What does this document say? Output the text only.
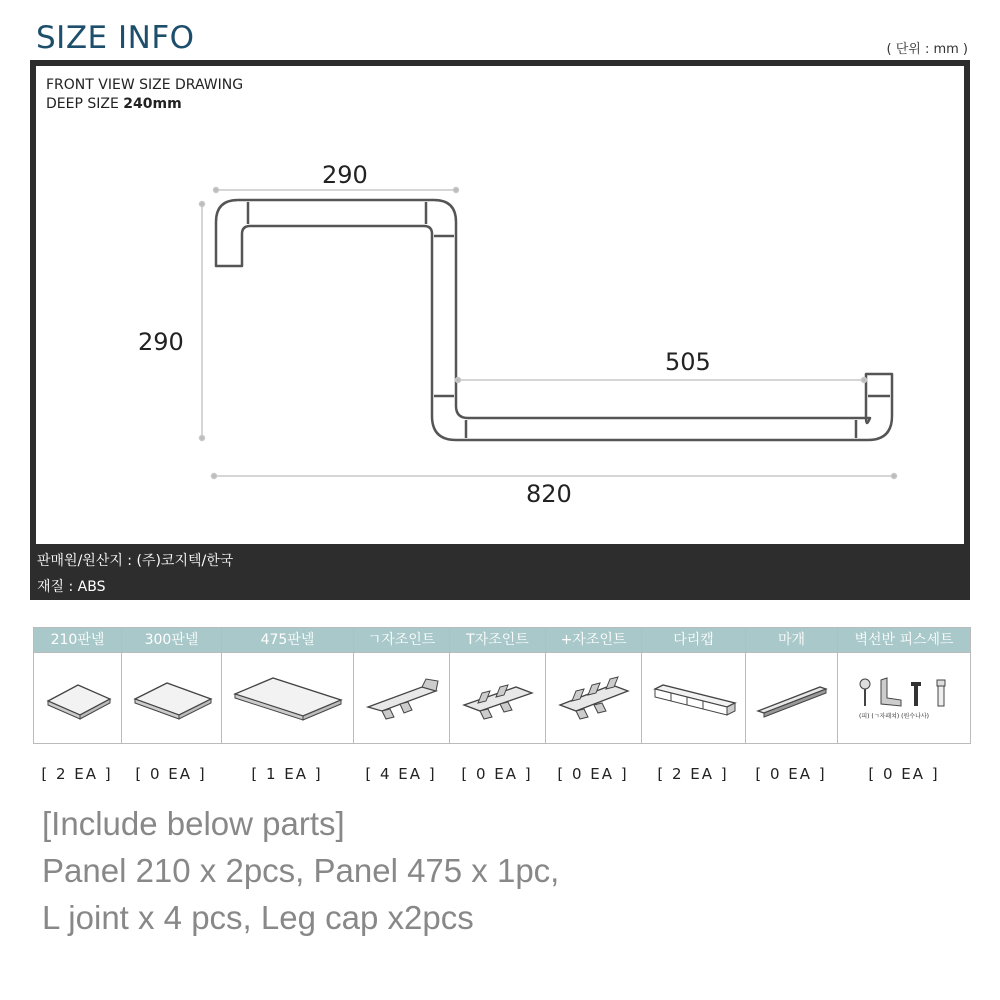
SIZE INFO	( 단위 : mm )
FRONT VIEW SIZE DRAWING
DEEP SIZE 240mm
290
290
505
820
판매원/원산지 : (주)코지텍/한국
재질 : ABS
210판넬	300판넬	475판넬	ㄱ자조인트	T자조인트	+자조인트	다리캡	마개	벽선반 피스세트
(피) (ㄱ자패쳐) (원수나사)
[ 2 EA ]	[ 0 EA ]	[ 1 EA ]	[ 4 EA ]	[ 0 EA ]	[ 0 EA ]	[ 2 EA ]	[ 0 EA ]	[ 0 EA ]
[Include below parts]
Panel 210 x 2pcs, Panel 475 x 1pc,
L joint x 4 pcs, Leg cap x2pcs
